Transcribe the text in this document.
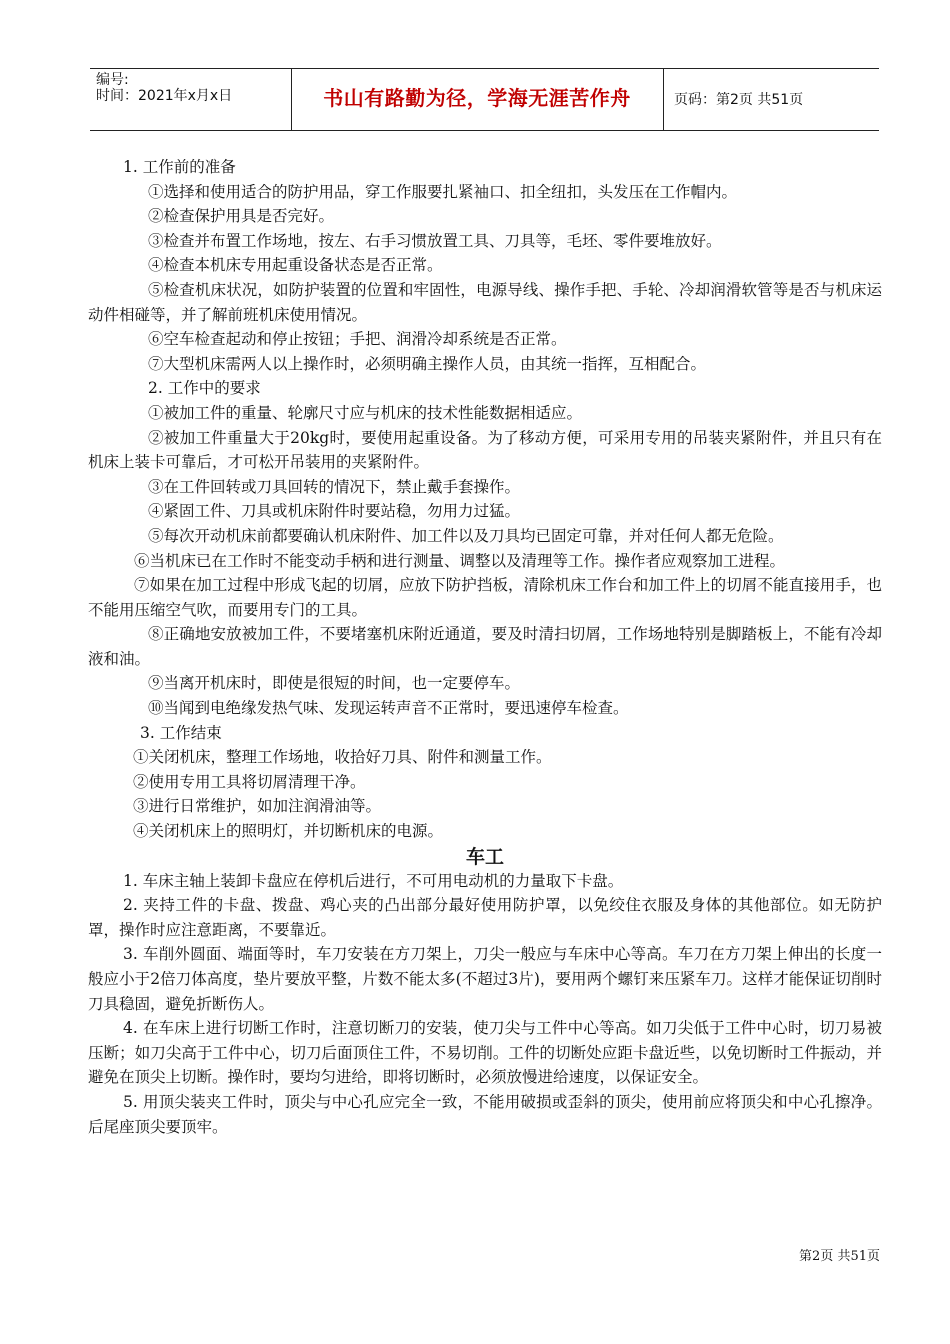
编号:
时间：2021年x月x日	书山有路勤为径，学海无涯苦作舟	页码：第2页 共51页

1. 工作前的准备

①选择和使用适合的防护用品，穿工作服要扎紧袖口、扣全纽扣，头发压在工作帽内。

②检查保护用具是否完好。

③检查并布置工作场地，按左、右手习惯放置工具、刀具等，毛坯、零件要堆放好。

④检查本机床专用起重设备状态是否正常。

⑤检查机床状况，如防护装置的位置和牢固性，电源导线、操作手把、手轮、冷却润滑软管等是否与机床运动件相碰等，并了解前班机床使用情况。

⑥空车检查起动和停止按钮；手把、润滑冷却系统是否正常。

⑦大型机床需两人以上操作时，必须明确主操作人员，由其统一指挥，互相配合。

2. 工作中的要求

①被加工件的重量、轮廓尺寸应与机床的技术性能数据相适应。

②被加工件重量大于20kg时，要使用起重设备。为了移动方便，可采用专用的吊装夹紧附件，并且只有在机床上装卡可靠后，才可松开吊装用的夹紧附件。

③在工件回转或刀具回转的情况下，禁止戴手套操作。

④紧固工件、刀具或机床附件时要站稳，勿用力过猛。

⑤每次开动机床前都要确认机床附件、加工件以及刀具均已固定可靠，并对任何人都无危险。

⑥当机床已在工作时不能变动手柄和进行测量、调整以及清理等工作。操作者应观察加工进程。

⑦如果在加工过程中形成飞起的切屑，应放下防护挡板，清除机床工作台和加工件上的切屑不能直接用手，也不能用压缩空气吹，而要用专门的工具。

⑧正确地安放被加工件，不要堵塞机床附近通道，要及时清扫切屑，工作场地特别是脚踏板上，不能有冷却液和油。

⑨当离开机床时，即使是很短的时间，也一定要停车。

⑩当闻到电绝缘发热气味、发现运转声音不正常时，要迅速停车检查。

3. 工作结束

①关闭机床，整理工作场地，收拾好刀具、附件和测量工作。

②使用专用工具将切屑清理干净。

③进行日常维护，如加注润滑油等。

④关闭机床上的照明灯，并切断机床的电源。

车工

1. 车床主轴上装卸卡盘应在停机后进行，不可用电动机的力量取下卡盘。

2. 夹持工件的卡盘、拨盘、鸡心夹的凸出部分最好使用防护罩，以免绞住衣服及身体的其他部位。如无防护罩，操作时应注意距离，不要靠近。

3. 车削外圆面、端面等时，车刀安装在方刀架上，刀尖一般应与车床中心等高。车刀在方刀架上伸出的长度一般应小于2倍刀体高度，垫片要放平整，片数不能太多(不超过3片)，要用两个螺钉来压紧车刀。这样才能保证切削时刀具稳固，避免折断伤人。

4. 在车床上进行切断工作时，注意切断刀的安装，使刀尖与工件中心等高。如刀尖低于工件中心时，切刀易被压断；如刀尖高于工件中心，切刀后面顶住工件，不易切削。工件的切断处应距卡盘近些，以免切断时工件振动，并避免在顶尖上切断。操作时，要均匀进给，即将切断时，必须放慢进给速度，以保证安全。

5. 用顶尖装夹工件时，顶尖与中心孔应完全一致，不能用破损或歪斜的顶尖，使用前应将顶尖和中心孔擦净。后尾座顶尖要顶牢。

第2页 共51页
